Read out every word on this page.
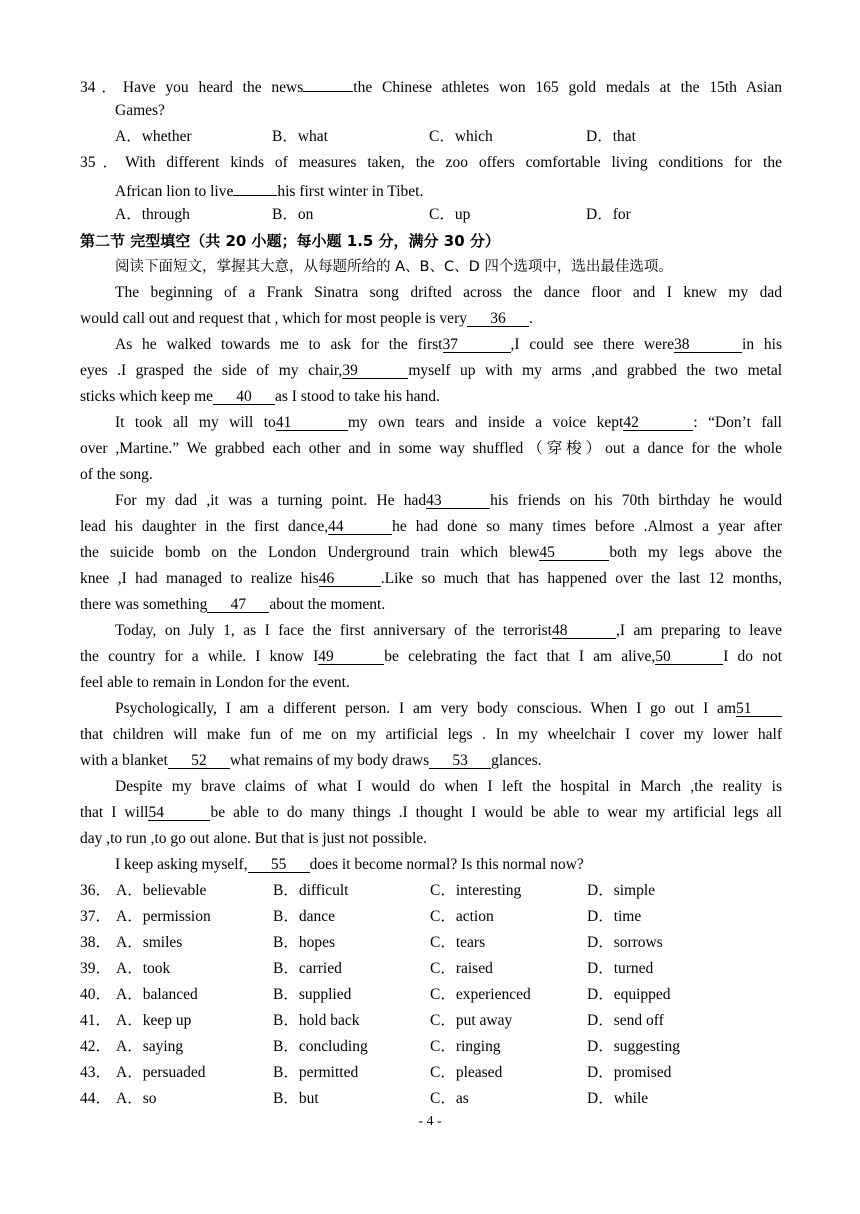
34．Have you heard the news	the Chinese athletes won 165 gold medals at the 15th Asian
Games?
A．whether	B．what	C．which	D．that
35．With different kinds of measures taken, the zoo offers comfortable living conditions for the
African lion to live	his first winter in Tibet.
A．through	B．on	C．up	D．for
第二节 完型填空（共 20 小题；每小题 1.5 分，满分 30 分）
阅读下面短文，掌握其大意，从每题所给的 A、B、C、D 四个选项中，选出最佳选项。
The beginning of a Frank Sinatra song drifted across the dance floor and I knew my dad
would call out and request that , which for most people is very 36 .
As he walked towards me to ask for the first37	,I could see there were38	in his
eyes .I grasped the side of my chair,39	myself up with my arms ,and grabbed the two metal
sticks which keep me 40 as I stood to take his hand.
It took all my will to41	my own tears and inside a voice kept42	: “Don’t fall
over ,Martine.” We grabbed each other and in some way shuffled（穿梭）out a dance for the whole
of the song.
For my dad ,it was a turning point. He had43	his friends on his 70th birthday he would
lead his daughter in the first dance,44	he had done so many times before .Almost a year after
the suicide bomb on the London Underground train which blew45	both my legs above the
knee ,I had managed to realize his46	.Like so much that has happened over the last 12 months,
there was something 47 about the moment.
Today, on July 1, as I face the first anniversary of the terrorist48	,I am preparing to leave
the country for a while. I know I49	be celebrating the fact that I am alive,50	I do not
feel able to remain in London for the event.
Psychologically, I am a different person. I am very body conscious. When I go out I am51
that children will make fun of me on my artificial legs . In my wheelchair I cover my lower half
with a blanket 52 what remains of my body draws 53 glances.
Despite my brave claims of what I would do when I left the hospital in March ,the reality is
that I will54	be able to do many things .I thought I would be able to wear my artificial legs all
day ,to run ,to go out alone. But that is just not possible.
I keep asking myself, 55 does it become normal? Is this normal now?
36． A．believable	B．difficult	C．interesting	D．simple
37． A．permission	B．dance	C．action	D．time
38． A．smiles	B．hopes	C．tears	D．sorrows
39． A．took	B．carried	C．raised	D．turned
40． A．balanced	B．supplied	C．experienced	D．equipped
41． A．keep up	B．hold back	C．put away	D．send off
42． A．saying	B．concluding	C．ringing	D．suggesting
43． A．persuaded	B．permitted	C．pleased	D．promised
44． A．so	B．but	C．as	D．while
- 4 -
